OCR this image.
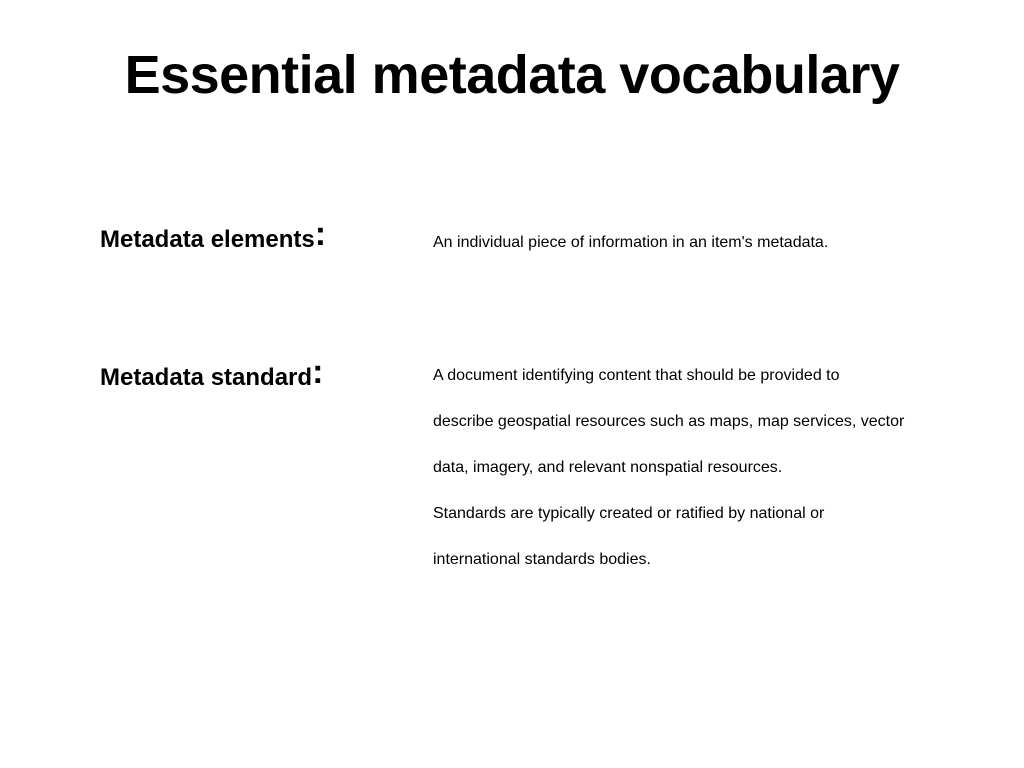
Essential metadata vocabulary
Metadata elements:	An individual piece of information in an item's metadata.

Metadata standard:	A document identifying content that should be provided to

describe geospatial resources such as maps, map services, vector

data, imagery, and relevant nonspatial resources.

Standards are typically created or ratified by national or

international standards bodies.
